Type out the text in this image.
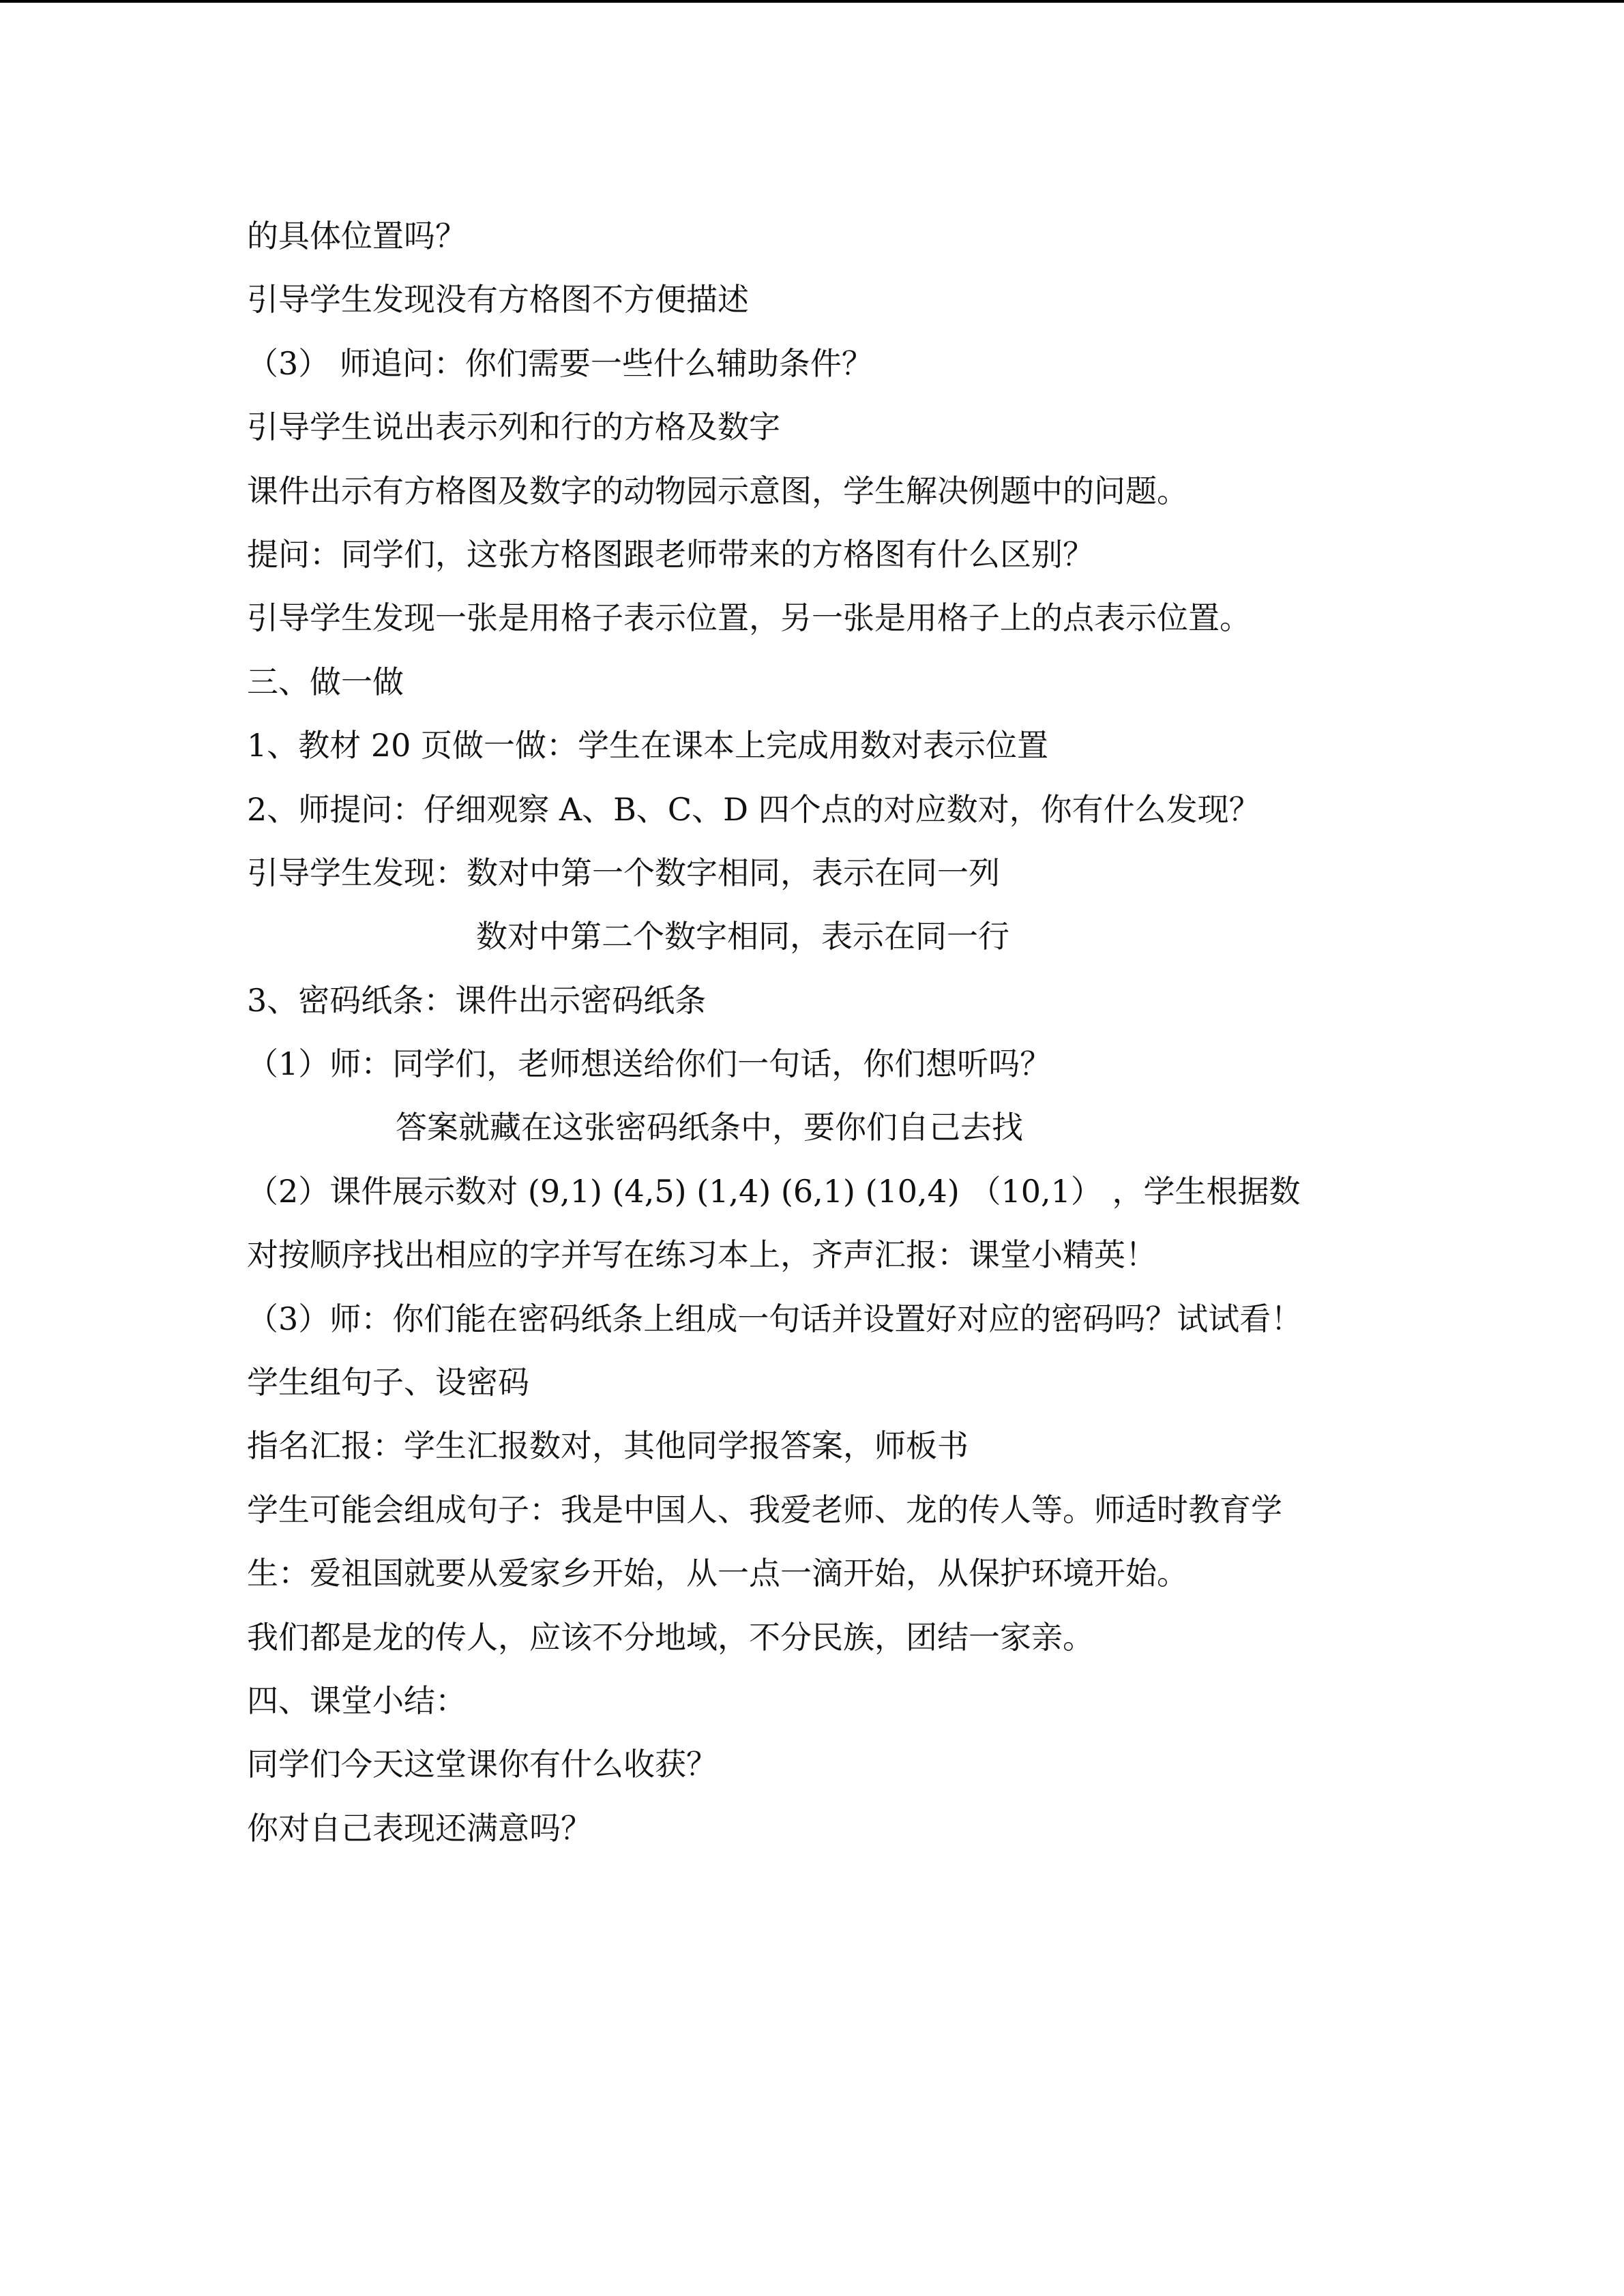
的具体位置吗？
引导学生发现没有方格图不方便描述
（3） 师追问：你们需要一些什么辅助条件？
引导学生说出表示列和行的方格及数字
课件出示有方格图及数字的动物园示意图，学生解决例题中的问题。
提问：同学们，这张方格图跟老师带来的方格图有什么区别？
引导学生发现一张是用格子表示位置，另一张是用格子上的点表示位置。
三、做一做
1、教材 20 页做一做：学生在课本上完成用数对表示位置
2、师提问：仔细观察 A、B、C、D 四个点的对应数对，你有什么发现？
引导学生发现：数对中第一个数字相同，表示在同一列
数对中第二个数字相同，表示在同一行
3、密码纸条：课件出示密码纸条
（1）师：同学们，老师想送给你们一句话，你们想听吗？
答案就藏在这张密码纸条中，要你们自己去找
（2）课件展示数对 (9,1) (4,5) (1,4) (6,1) (10,4) （10,1） ，学生根据数
对按顺序找出相应的字并写在练习本上，齐声汇报：课堂小精英！
（3）师：你们能在密码纸条上组成一句话并设置好对应的密码吗？试试看！
学生组句子、设密码
指名汇报：学生汇报数对，其他同学报答案，师板书
学生可能会组成句子：我是中国人、我爱老师、龙的传人等。师适时教育学
生：爱祖国就要从爱家乡开始，从一点一滴开始，从保护环境开始。
我们都是龙的传人，应该不分地域，不分民族，团结一家亲。
四、课堂小结：
同学们今天这堂课你有什么收获？
你对自己表现还满意吗？
